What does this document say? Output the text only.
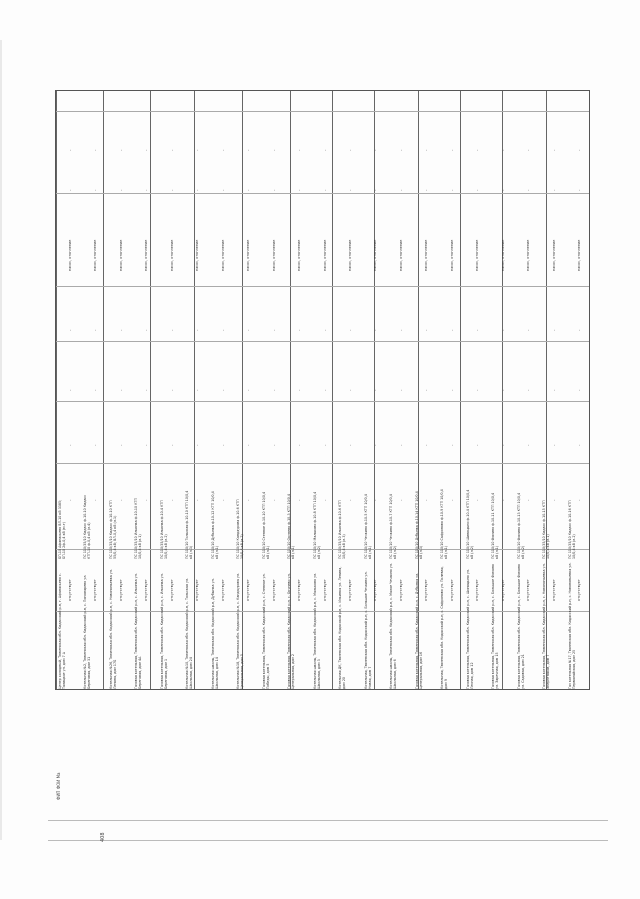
Центр холодный, Тюменская обл. Кидасский р-н, г. Афанасьево с. Талицкое ул. дом 7 А
БП-10 Афанасьево ВЛ-10 кВ 3385; БП-10 2ф-0,4 кВ (м.т)
отсутствует
-
-
-
-
насос, отопление
-
-
Котельная №2, Тюменская обл. Кидасский р-н, с. Пономарево ул. Береговая, дом 31
ПС 110/35/10 Кидасс ф.10-10 Кидасс КТП-10 ф.0,4 кВ (л.4)
отсутствует
-
-
-
-
насос, отопление
-
-
Котельная №26, Тюменская обл. Кидасский р-н, с. Новопопьевка ул. Ленина, дом 17Б
ПС 110/35/10 Кидасс ф.10-10 КТП 55/0,4 кВ; ВЛ-0,4 кВ (л.1)
отсутствует
-
-
-
-
насос, отопление
-
-
Газовая котельная, Тюменская обл. Кидасский р-н, с. Ильинка ул. Береговая, дом 4А
ПС 110/35/10 Ильинка ф.10-10 КТП 10/0,4 кВ (л.1)
отсутствует
-
-
-
-
насос, отопление
-
-
Газовая котельная, Тюменская обл. Кидасский р-н, с. Ильинка ул. Береговая, дом 1
ПС 110/35/10 Ильинка ф.10-4 КТП 10/0,4 кВ (л.2)
отсутствует
-
-
-
-
насос, отопление
-
-
Котельная №10, Тюменская обл. Кидасский р-н, с. Тольская ул. Школьная, дом 24
ПС 110/10 Тольская ф.10-10 КТП 10/0,4 кВ (л.3)
отсутствует
-
-
-
-
насос, отопление
-
-
Котельная школы, Тюменская обл. Кидасский р-н, Дубынка ул. Школьная, дом 14
ПС 110/10 Дубынка ф.10-12 КТП 10/0,4 кВ (л.1)
отсутствует
-
-
-
-
насос, отопление
-
-
Котельная №18, Тюменская обл. Кидасский р-н, с. Кандаурова ул. Центральная, дом 5
ПС 110/10 Кандаурова ф.10-6 КТП 10/0,4 кВ (л.2)
отсутствует
-
-
-
-
насос, отопление
-
-
Газовая котельная, Тюменская обл. Кидасский р-н, с. Степное ул. Победы, дом 5
ПС 110/10 Степное ф.10-10 КТП 10/0,4 кВ (л.1)
отсутствует
-
-
-
-
насос, отопление
-
-
Газовая котельная, Тюменская обл. Кидасский р-н, с. Окунево ул. Центральная, дом 2
ПС 110/10 Окунево ф.10-3 КТП 10/0,4 кВ (л.1)
отсутствует
-
-
-
-
насос, отопление
-
-
Котельная школы, Тюменская обл. Кидасский р-н, с. Мальково ул. Школьная, дом 3
ПС 110/10 Мальково ф.10-8 КТП 10/0,4 кВ (л.2)
отсутствует
-
-
-
-
насос, отопление
-
-
Котельная ДК, Тюменская обл. Кидасский р-н, с. Ильинка ул. Ленина, дом 20
ПС 110/35/10 Ильинка ф.10-6 КТП 10/0,4 кВ (л.3)
отсутствует
-
-
-
-
насос, отопление
-
-
Котельная, Тюменская обл. Кидасский р-н, с. Большое Чечкино ул. Новая, дом 7
ПС 110/10 Чечкино ф.10-5 КТП 10/0,4 кВ (л.1)
отсутствует
-
-
-
-
насос, отопление
-
-
Котельная школы, Тюменская обл. Кидасский р-н, с. Малое Чечкино ул. Школьная, дом 6
ПС 110/10 Чечкино ф.10-7 КТП 10/0,4 кВ (л.2)
отсутствует
-
-
-
-
насос, отопление
-
-
Газовая котельная, Тюменская обл. Кидасский р-н, с. Дубынка ул. Центральная, дом 16
ПС 110/10 Дубынка ф.10-14 КТП 10/0,4 кВ (л.3)
отсутствует
-
-
-
-
насос, отопление
-
-
Котельная, Тюменская обл. Кидасский р-н, с. Сафроново ул. Полевая, дом 9
ПС 110/10 Сафроново ф.10-9 КТП 10/0,4 кВ (л.1)
отсутствует
-
-
-
-
насос, отопление
-
-
Газовая котельная, Тюменская обл. Кидасский р-н, с. Шипицыно ул. Лесная, дом 12
ПС 110/10 Шипицыно ф.10-4 КТП 10/0,4 кВ (л.2)
отсутствует
-
-
-
-
насос, отопление
-
-
Газовая котельная, Тюменская обл. Кидасский р-н, с. Большое Фомино ул. Заречная, дом 15
ПС 110/10 Фомино ф.10-11 КТП 10/0,4 кВ (л.1)
отсутствует
-
-
-
-
насос, отопление
-
-
Газовая котельная, Тюменская обл. Кидасский р-н, с. Большое Фомино ул. Садовая, дом 21
ПС 110/10 Фомино ф.10-13 КТП 10/0,4 кВ (л.2)
отсутствует
-
-
-
-
насос, отопление
-
-
Газовая котельная, Тюменская обл. Кидасский р-н, с. Новопопьевка ул. Энергетиков, дом 7
ПС 110/35/10 Кидасс ф.10-15 КТП 10/0,4 кВ (л.1)
отсутствует
-
-
-
-
насос, отопление
-
-
Газ котельная №17, Тюменская обл. Кидасский р-н, с. Новопопьевка ул. Первомайская, дом 25
ПС 110/35/10 Кидасс ф.10-16 КТП 10/0,4 кВ (л.2)
отсутствует
-
-
-
-
насос, отопление
-
-
ФИП ФОИ Ма
408
